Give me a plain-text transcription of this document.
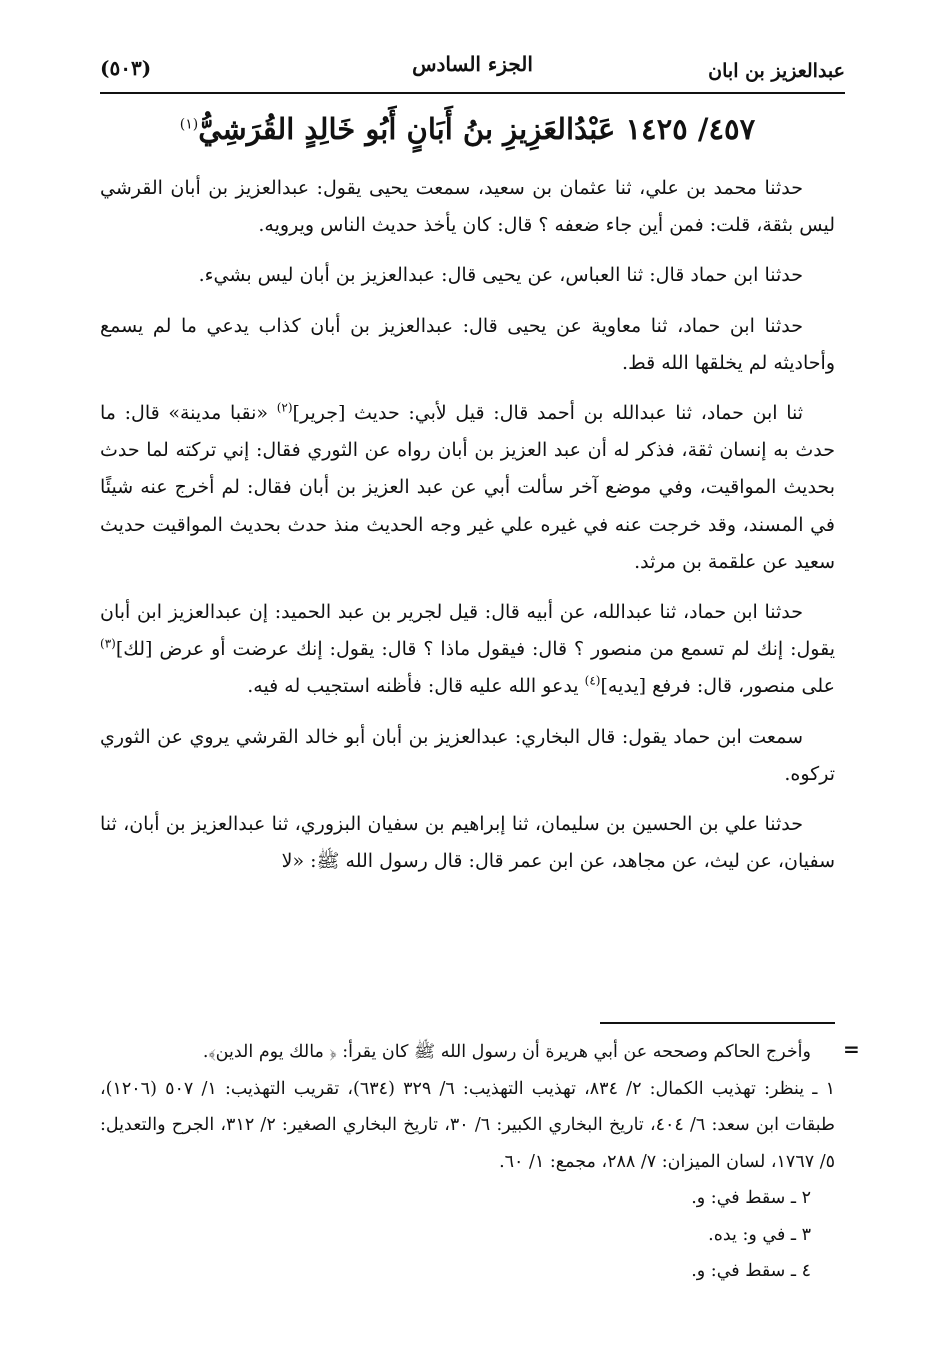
(٥٠٣)	الجزء السادس	عبدالعزيز بن ابان
٤٥٧/ ١٤٢٥ عَبْدُالعَزِيزِ بنُ أَبَانٍ أَبُو خَالِدٍ القُرَشِيُّ$^{(١)}$

حدثنا محمد بن علي، ثنا عثمان بن سعيد، سمعت يحيى يقول: عبدالعزيز بن أبان القرشي ليس بثقة، قلت: فمن أين جاء ضعفه ؟ قال: كان يأخذ حديث الناس ويرويه.

حدثنا ابن حماد قال: ثنا العباس، عن يحيى قال: عبدالعزيز بن أبان ليس بشيء.

حدثنا ابن حماد، ثنا معاوية عن يحيى قال: عبدالعزيز بن أبان كذاب يدعي ما لم يسمع وأحاديثه لم يخلقها الله قط.

ثنا ابن حماد، ثنا عبدالله بن أحمد قال: قيل لأبي: حديث [جرير]$^{(٢)}$ «نقبا مدينة» قال: ما حدث به إنسان ثقة، فذكر له أن عبد العزيز بن أبان رواه عن الثوري فقال: إني تركته لما حدث بحديث المواقيت، وفي موضع آخر سألت أبي عن عبد العزيز بن أبان فقال: لم أخرج عنه شيئًا في المسند، وقد خرجت عنه في غيره علي غير وجه الحديث منذ حدث بحديث المواقيت حديث سعيد عن علقمة بن مرثد.

حدثنا ابن حماد، ثنا عبدالله، عن أبيه قال: قيل لجرير بن عبد الحميد: إن عبدالعزيز ابن أبان يقول: إنك لم تسمع من منصور ؟ قال: فيقول ماذا ؟ قال: يقول: إنك عرضت أو عرض [لك]$^{(٣)}$ على منصور، قال: فرفع [يديه]$^{(٤)}$ يدعو الله عليه قال: فأظنه استجيب له فيه.

سمعت ابن حماد يقول: قال البخاري: عبدالعزيز بن أبان أبو خالد القرشي يروي عن الثوري تركوه.

حدثنا علي بن الحسين بن سليمان، ثنا إبراهيم بن سفيان البزوري، ثنا عبدالعزيز بن أبان، ثنا سفيان، عن ليث، عن مجاهد، عن ابن عمر قال: قال رسول الله ﷺ: «لا

=

وأخرج الحاكم وصححه عن أبي هريرة أن رسول الله ﷺ كان يقرأ: ﴿ مالك يوم الدين﴾.

١ ـ ينظر: تهذيب الكمال: ٢/ ٨٣٤، تهذيب التهذيب: ٦/ ٣٢٩ (٦٣٤)، تقريب التهذيب: ١/ ٥٠٧ (١٢٠٦)، طبقات ابن سعد: ٦/ ٤٠٤، تاريخ البخاري الكبير: ٦/ ٣٠، تاريخ البخاري الصغير: ٢/ ٣١٢، الجرح والتعديل: ٥/ ١٧٦٧، لسان الميزان: ٧/ ٢٨٨، مجمع: ١/ ٦٠.

٢ ـ سقط في: و.

٣ ـ في و: يده.

٤ ـ سقط في: و.
